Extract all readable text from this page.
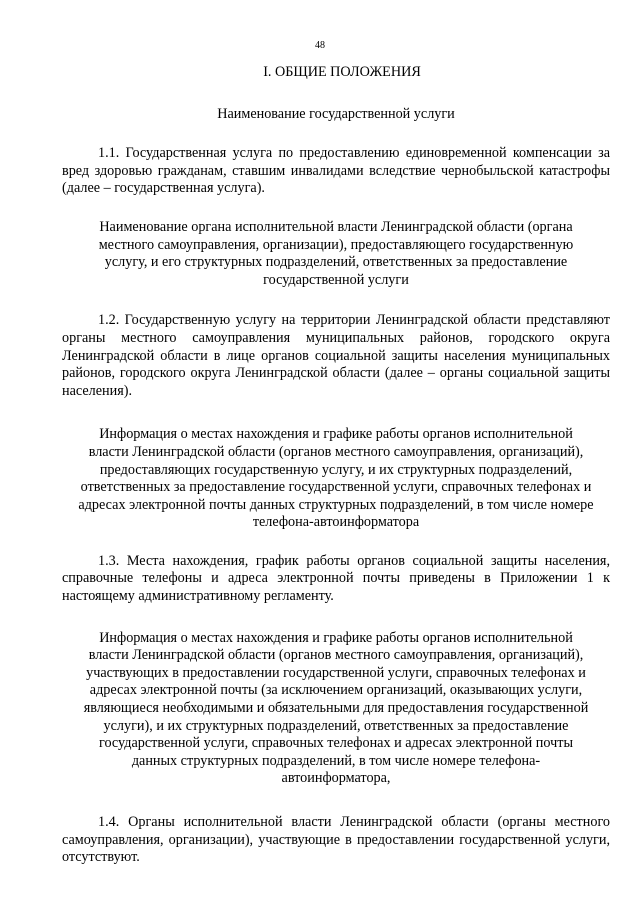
48
I. ОБЩИЕ ПОЛОЖЕНИЯ
Наименование государственной услуги

1.1. Государственная услуга по предоставлению единовременной компенсации за вред здоровью гражданам, ставшим инвалидами вследствие чернобыльской катастрофы (далее – государственная услуга).

Наименование органа исполнительной власти Ленинградской области (органа местного самоуправления, организации), предоставляющего государственную услугу, и его структурных подразделений, ответственных за предоставление государственной услуги

1.2. Государственную услугу на территории Ленинградской области представляют органы местного самоуправления муниципальных районов, городского округа Ленинградской области в лице органов социальной защиты населения муниципальных районов, городского округа Ленинградской области (далее – органы социальной защиты населения).

Информация о местах нахождения и графике работы органов исполнительной власти Ленинградской области (органов местного самоуправления, организаций), предоставляющих государственную услугу, и их структурных подразделений, ответственных за предоставление государственной услуги, справочных телефонах и адресах электронной почты данных структурных подразделений, в том числе номере телефона-автоинформатора

1.3. Места нахождения, график работы органов социальной защиты населения, справочные телефоны и адреса электронной почты приведены в Приложении 1 к настоящему административному регламенту.

Информация о местах нахождения и графике работы органов исполнительной власти Ленинградской области (органов местного самоуправления, организаций), участвующих в предоставлении государственной услуги, справочных телефонах и адресах электронной почты (за исключением организаций, оказывающих услуги, являющиеся необходимыми и обязательными для предоставления государственной услуги), и их структурных подразделений, ответственных за предоставление государственной услуги, справочных телефонах и адресах электронной почты данных структурных подразделений, в том числе номере телефона-автоинформатора,

1.4. Органы исполнительной власти Ленинградской области (органы местного самоуправления, организации), участвующие в предоставлении государственной услуги, отсутствуют.
